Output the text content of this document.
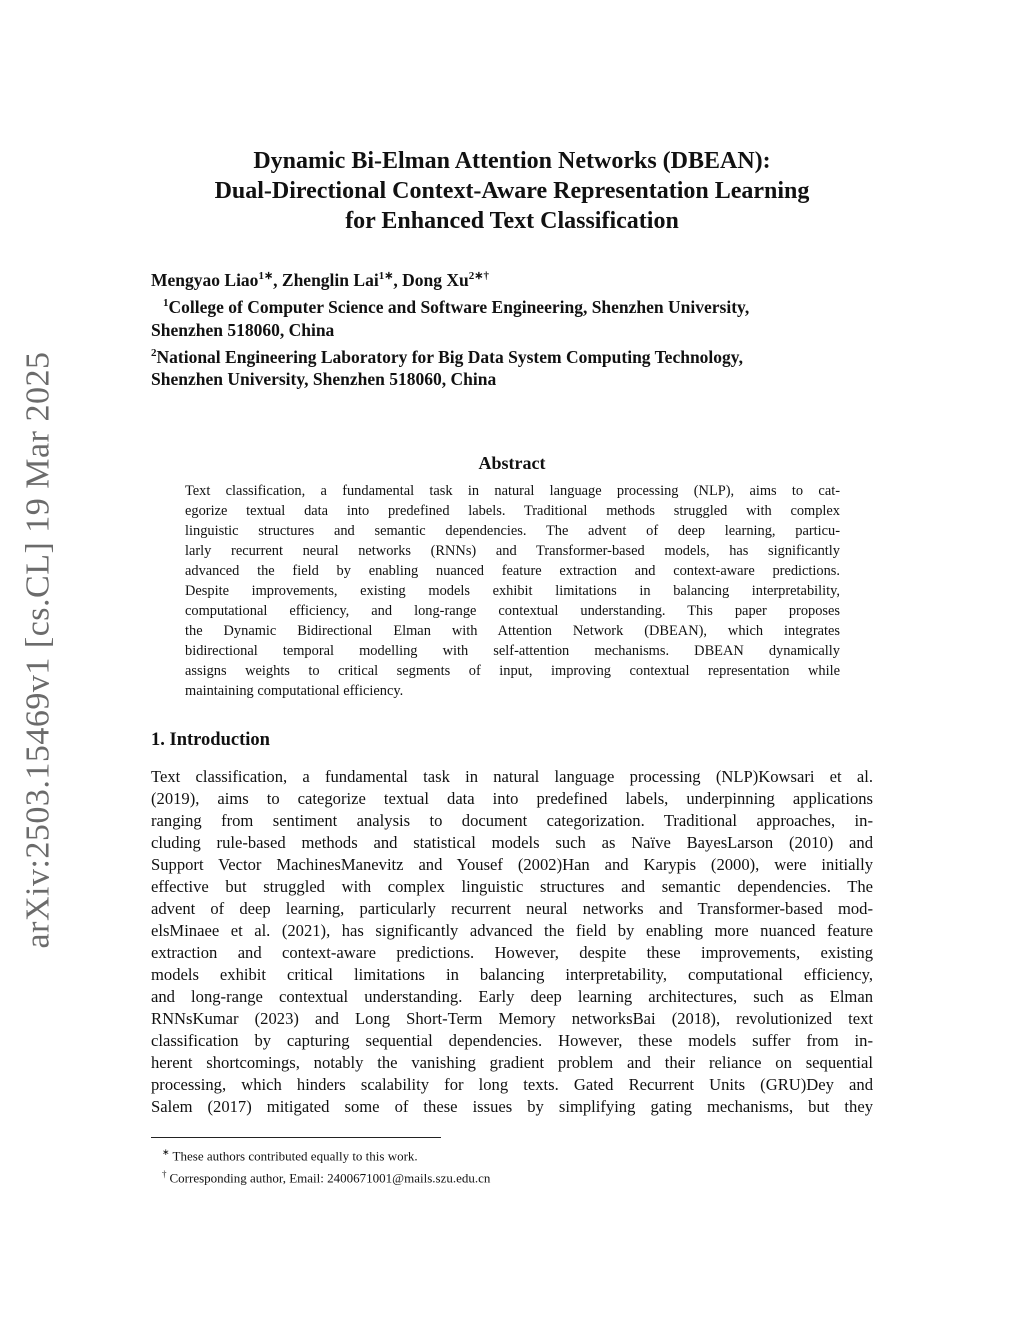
arXiv:2503.15469v1 [cs.CL] 19 Mar 2025
Dynamic Bi-Elman Attention Networks (DBEAN):
Dual-Directional Context-Aware Representation Learning
for Enhanced Text Classification
Mengyao Liao$^{1∗}$, Zhenglin Lai$^{1∗}$, Dong $Xu^{2∗\dagger}$
$^1$College of Computer Science and Software Engineering, Shenzhen University,
Shenzhen 518060, China
$^2$National Engineering Laboratory for Big Data System Computing Technology,
Shenzhen University, Shenzhen 518060, China
Abstract
Text classification, a fundamental task in natural language processing (NLP), aims to cat-
egorize textual data into predefined labels. Traditional methods struggled with complex
linguistic structures and semantic dependencies. The advent of deep learning, particu-
larly recurrent neural networks (RNNs) and Transformer-based models, has significantly
advanced the field by enabling nuanced feature extraction and context-aware predictions.
Despite improvements, existing models exhibit limitations in balancing interpretability,
computational efficiency, and long-range contextual understanding. This paper proposes
the Dynamic Bidirectional Elman with Attention Network (DBEAN), which integrates
bidirectional temporal modelling with self-attention mechanisms. DBEAN dynamically
assigns weights to critical segments of input, improving contextual representation while
maintaining computational efficiency.
1. Introduction
Text classification, a fundamental task in natural language processing (NLP)Kowsari et al.
(2019), aims to categorize textual data into predefined labels, underpinning applications
ranging from sentiment analysis to document categorization. Traditional approaches, in-
cluding rule-based methods and statistical models such as Naïve BayesLarson (2010) and
Support Vector MachinesManevitz and Yousef (2002)Han and Karypis (2000), were initially
effective but struggled with complex linguistic structures and semantic dependencies. The
advent of deep learning, particularly recurrent neural networks and Transformer-based mod-
elsMinaee et al. (2021), has significantly advanced the field by enabling more nuanced feature
extraction and context-aware predictions. However, despite these improvements, existing
models exhibit critical limitations in balancing interpretability, computational efficiency,
and long-range contextual understanding. Early deep learning architectures, such as Elman
RNNsKumar (2023) and Long Short-Term Memory networksBai (2018), revolutionized text
classification by capturing sequential dependencies. However, these models suffer from in-
herent shortcomings, notably the vanishing gradient problem and their reliance on sequential
processing, which hinders scalability for long texts. Gated Recurrent Units (GRU)Dey and
Salem (2017) mitigated some of these issues by simplifying gating mechanisms, but they
∗ These authors contributed equally to this work.
† Corresponding author, Email: 2400671001@mails.szu.edu.cn
